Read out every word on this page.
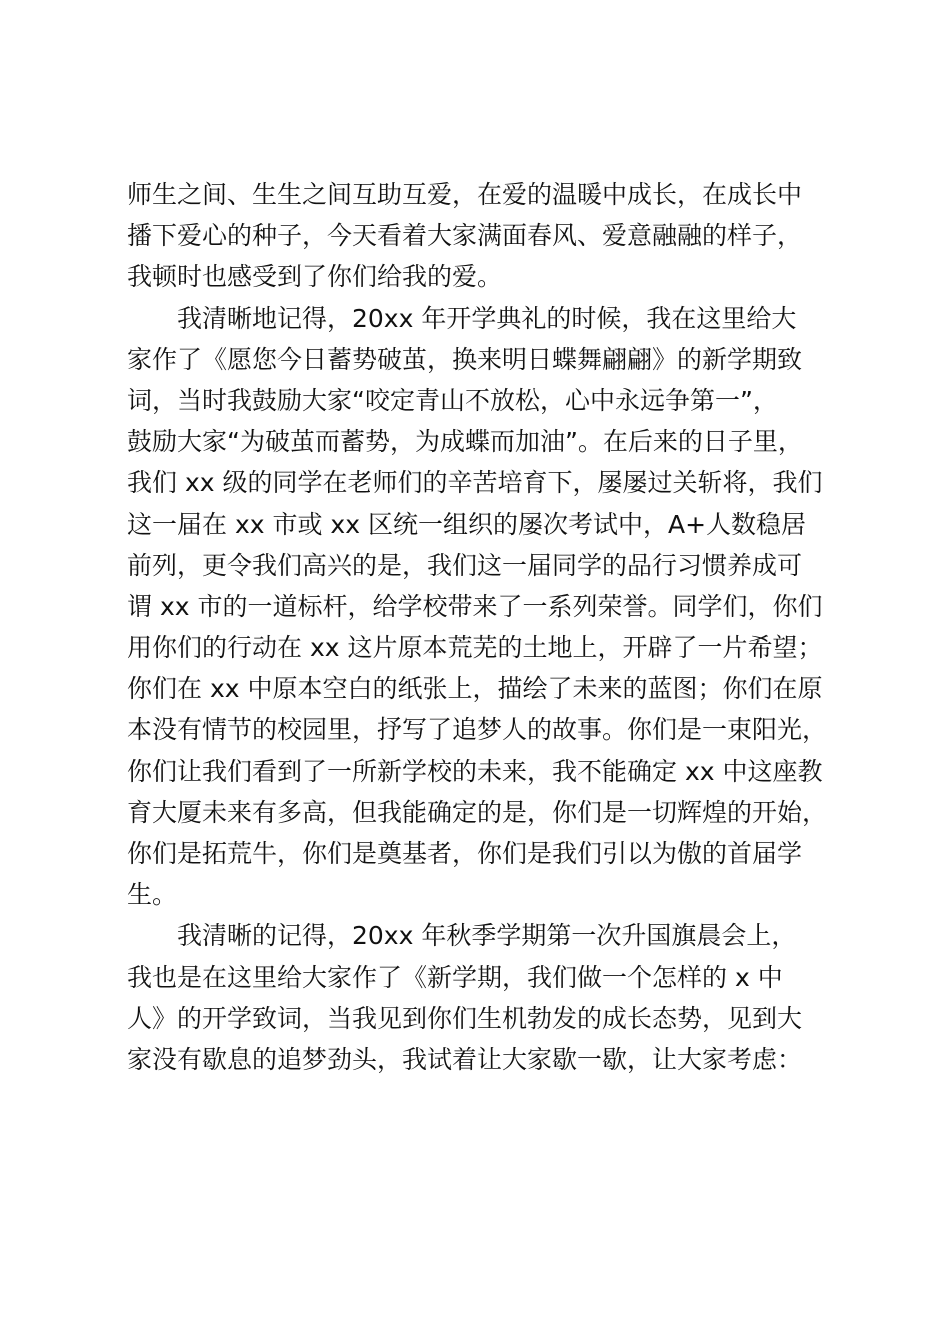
师生之间、生生之间互助互爱，在爱的温暖中成长，在成长中
播下爱心的种子，今天看着大家满面春风、爱意融融的样子，
我顿时也感受到了你们给我的爱。
我清晰地记得，20xx 年开学典礼的时候，我在这里给大
家作了《愿您今日蓄势破茧，换来明日蝶舞翩翩》的新学期致
词，当时我鼓励大家“咬定青山不放松，心中永远争第一”，
鼓励大家“为破茧而蓄势，为成蝶而加油”。在后来的日子里，
我们 xx 级的同学在老师们的辛苦培育下，屡屡过关斩将，我们
这一届在 xx 市或 xx 区统一组织的屡次考试中，A+人数稳居
前列，更令我们高兴的是，我们这一届同学的品行习惯养成可
谓 xx 市的一道标杆，给学校带来了一系列荣誉。同学们，你们
用你们的行动在 xx 这片原本荒芜的土地上，开辟了一片希望；
你们在 xx 中原本空白的纸张上，描绘了未来的蓝图；你们在原
本没有情节的校园里，抒写了追梦人的故事。你们是一束阳光，
你们让我们看到了一所新学校的未来，我不能确定 xx 中这座教
育大厦未来有多高，但我能确定的是，你们是一切辉煌的开始，
你们是拓荒牛，你们是奠基者，你们是我们引以为傲的首届学
生。
我清晰的记得，20xx 年秋季学期第一次升国旗晨会上，
我也是在这里给大家作了《新学期，我们做一个怎样的 x 中
人》的开学致词，当我见到你们生机勃发的成长态势，见到大
家没有歇息的追梦劲头，我试着让大家歇一歇，让大家考虑：
